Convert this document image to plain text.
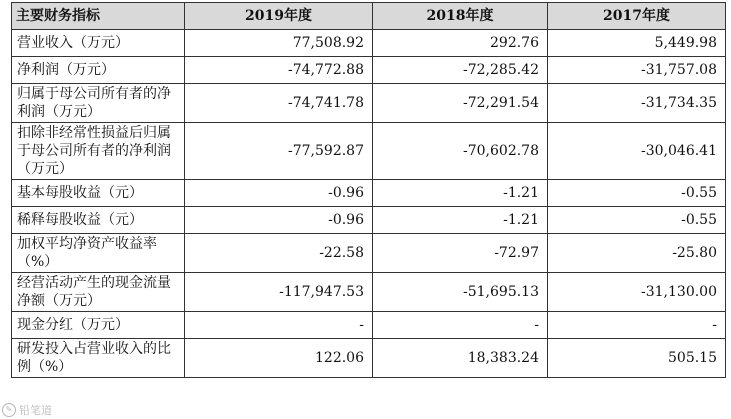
主要财务指标	2019年度	2018年度	2017年度
营业收入（万元）	77,508.92	292.76	5,449.98
净利润（万元）	-74,772.88	-72,285.42	-31,757.08
归属于母公司所有者的净利润（万元）	-74,741.78	-72,291.54	-31,734.35
扣除非经常性损益后归属于母公司所有者的净利润（万元）	-77,592.87	-70,602.78	-30,046.41
基本每股收益（元）	-0.96	-1.21	-0.55
稀释每股收益（元）	-0.96	-1.21	-0.55
加权平均净资产收益率（%）	-22.58	-72.97	-25.80
经营活动产生的现金流量净额（万元）	-117,947.53	-51,695.13	-31,130.00
现金分红（万元）	-	-	-
研发投入占营业收入的比例（%）	122.06	18,383.24	505.15
✎ 铅笔道
